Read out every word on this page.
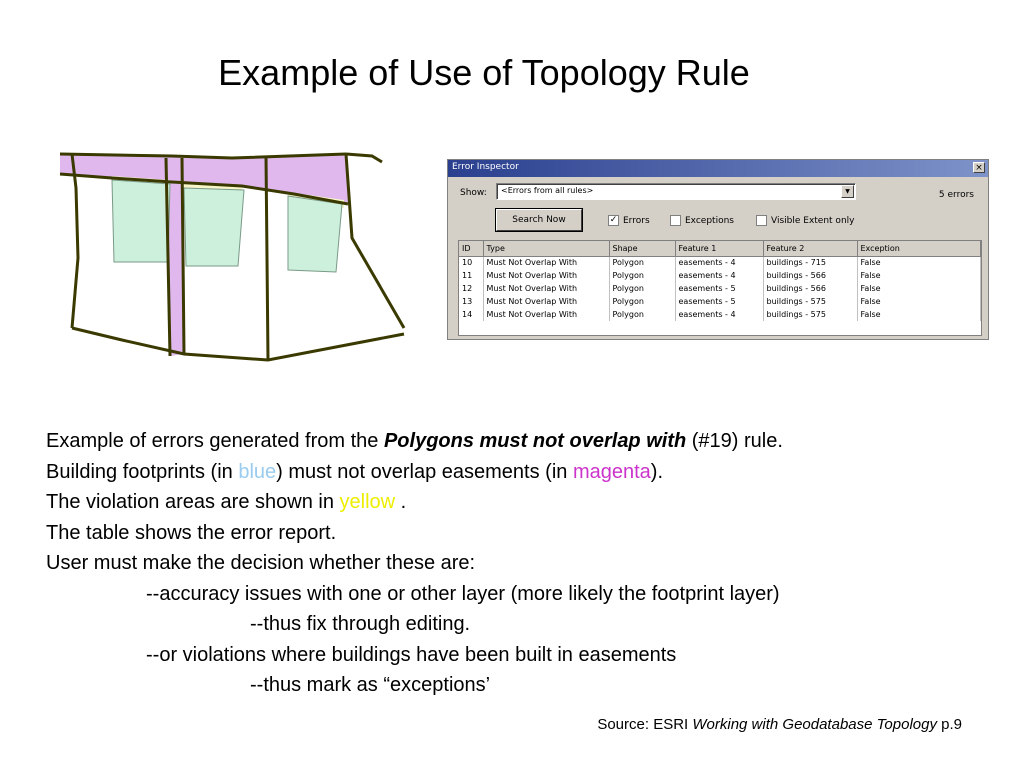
Example of Use of Topology Rule
Error Inspector	×
Show:	<Errors from all rules>	▼	5 errors
Search Now	✓ Errors	Exceptions	Visible Extent only
ID	Type	Shape	Feature 1	Feature 2	Exception
10	Must Not Overlap With	Polygon	easements - 4	buildings - 715	False
11	Must Not Overlap With	Polygon	easements - 4	buildings - 566	False
12	Must Not Overlap With	Polygon	easements - 5	buildings - 566	False
13	Must Not Overlap With	Polygon	easements - 5	buildings - 575	False
14	Must Not Overlap With	Polygon	easements - 4	buildings - 575	False
Example of errors generated from the Polygons must not overlap with (#19) rule.
Building footprints (in blue) must not overlap easements (in magenta).
The violation areas are shown in yellow .
The table shows the error report.
User must make the decision whether these are:
--accuracy issues with one or other layer (more likely the footprint layer)
--thus fix through editing.
--or violations where buildings have been built in easements
--thus mark as “exceptions’
Source: ESRI Working with Geodatabase Topology p.9
